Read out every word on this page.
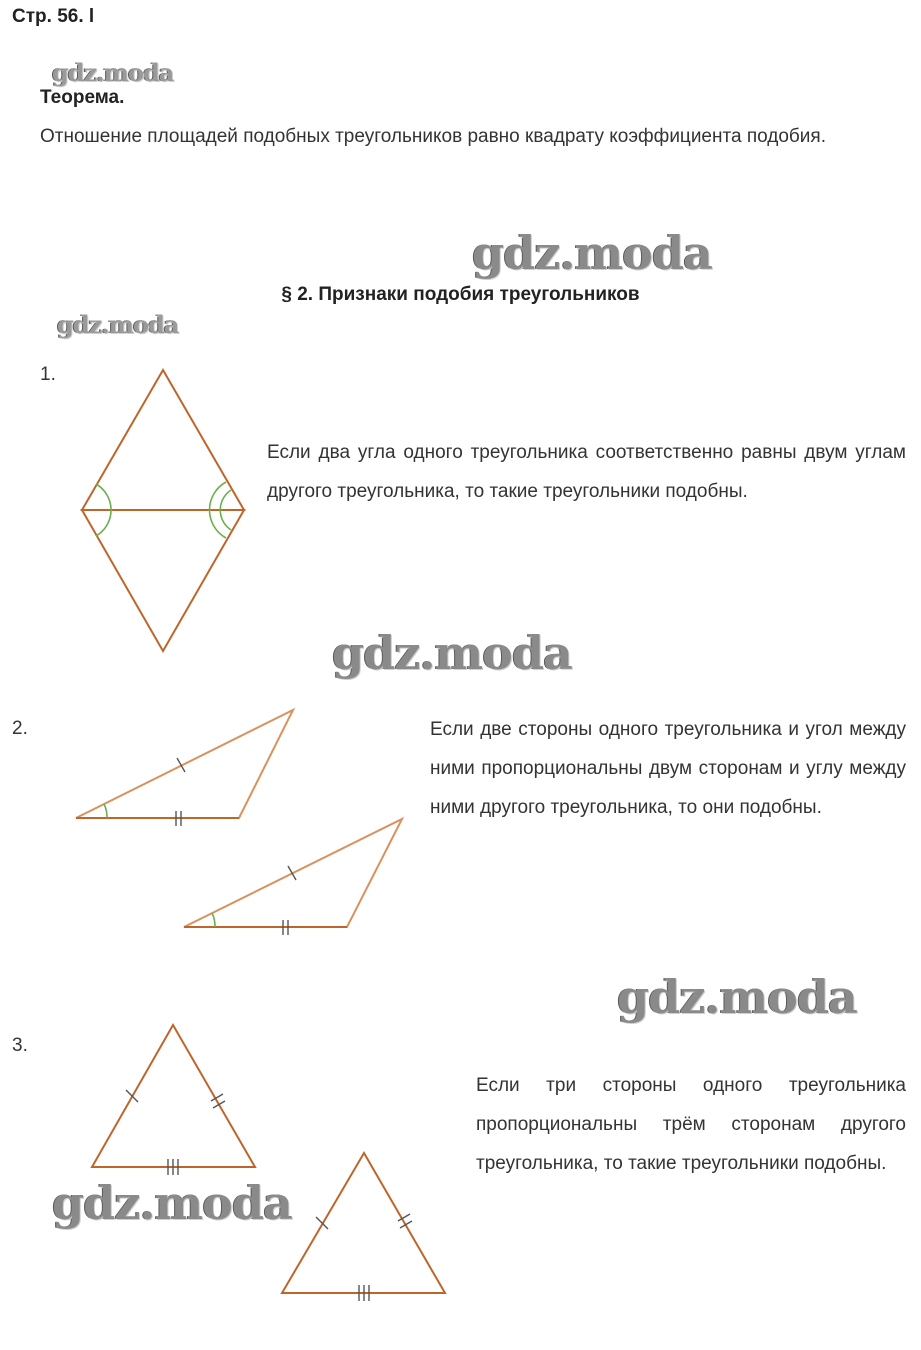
Стр. 56. l
gdz.moda
Теорема.
Отношение площадей подобных треугольников равно квадрату коэффициента подобия.
gdz.moda
§ 2. Признаки подобия треугольников
gdz.moda
1.
Если два угла одного треугольника соответственно равны двум углам другого треугольника, то такие треугольники подобны.
gdz.moda
2.	Если две стороны одного треугольника и угол между ними пропорциональны двум сторонам и углу между ними другого треугольника, то они подобны.
gdz.moda
3.
Если три стороны одного треугольника пропорциональны трём сторонам другого треугольника, то такие треугольники подобны.
gdz.moda
